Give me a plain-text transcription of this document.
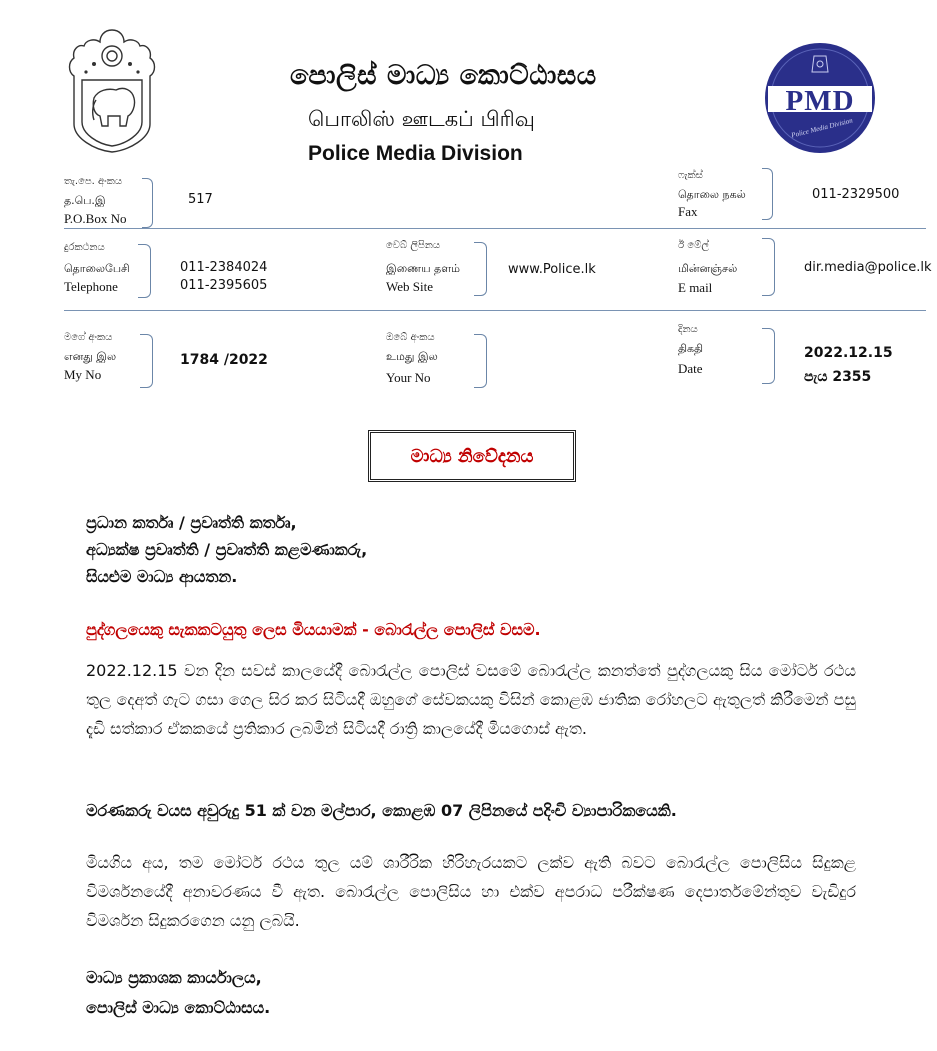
PMD
Police Media Division
පොලිස් මාධ්‍ය කොට්ඨාසය
பொலிஸ் ஊடகப் பிரிவு
Police Media Division
තැ.පෙ. අංකය
த.பெ.இ
P.O.Box No
517
ෆැක්ස්
தொலை நகல்
Fax
011-2329500
දුරකථනය
தொலைபேசி
Telephone
011-2384024
011-2395605
වෙබ් ලිපිනය
இணைய தளம்
Web Site
www.Police.lk
ඊ මේල්
மின்னஞ்சல்
E mail
dir.media@police.lk
මගේ අංකය
எனது இல
My No
1784 /2022
ඔබේ අංකය
உமது இல
Your No
දිනය
திகதி
Date
2022.12.15
පැය 2355
මාධ්‍ය නිවේදනය
ප්‍රධාන කර්තෘ / ප්‍රවෘත්ති කර්තෘ,
අධ්‍යක්ෂ ප්‍රවෘත්ති / ප්‍රවෘත්ති කළමණාකරු,
සියළුම මාධ්‍ය ආයතන.
පුද්ගලයෙකු සැකකටයුතු ලෙස මියයාමක් - බොරැල්ල පොලිස් වසම.
2022.12.15 වන දින සවස් කාලයේදී බොරැල්ල පොලිස් වසමේ බොරැල්ල කනත්තේ පුද්ගලයකු සිය මෝටර් රථය තුල දෙඅත් ගැට ගසා ගෙල සිර කර සිටියදී ඔහුගේ සේවකයකු විසින් කොළඹ ජාතික රෝහලට ඇතුලත් කිරීමෙන් පසු දැඩි සත්කාර ඒකකයේ ප්‍රතිකාර ලබමින් සිටියදී රාත්‍රි කාලයේදී මියගොස් ඇත.
මරණකරු වයස අවුරුදු 51 ක් වන මල්පාර, කොළඹ 07 ලිපිනයේ පදිංචි ව්‍යාපාරිකයෙකි.
මියගිය අය, තම මෝටර් රථය තුල යම් ශාරීරික හිරිහැරයකට ලක්ව ඇති බවට බොරැල්ල පොලිසිය සිදුකළ විමර්ශනයේදී අනාවරණය වී ඇත. බොරැල්ල පොලිසිය හා එක්ව අපරාධ පරීක්ෂණ දෙපාර්තමේන්තුව වැඩිදුර විමර්ශන සිදුකරගෙන යනු ලබයි.
මාධ්‍ය ප්‍රකාශක කාර්යාලය,
පොලිස් මාධ්‍ය කොට්ඨාසය.
